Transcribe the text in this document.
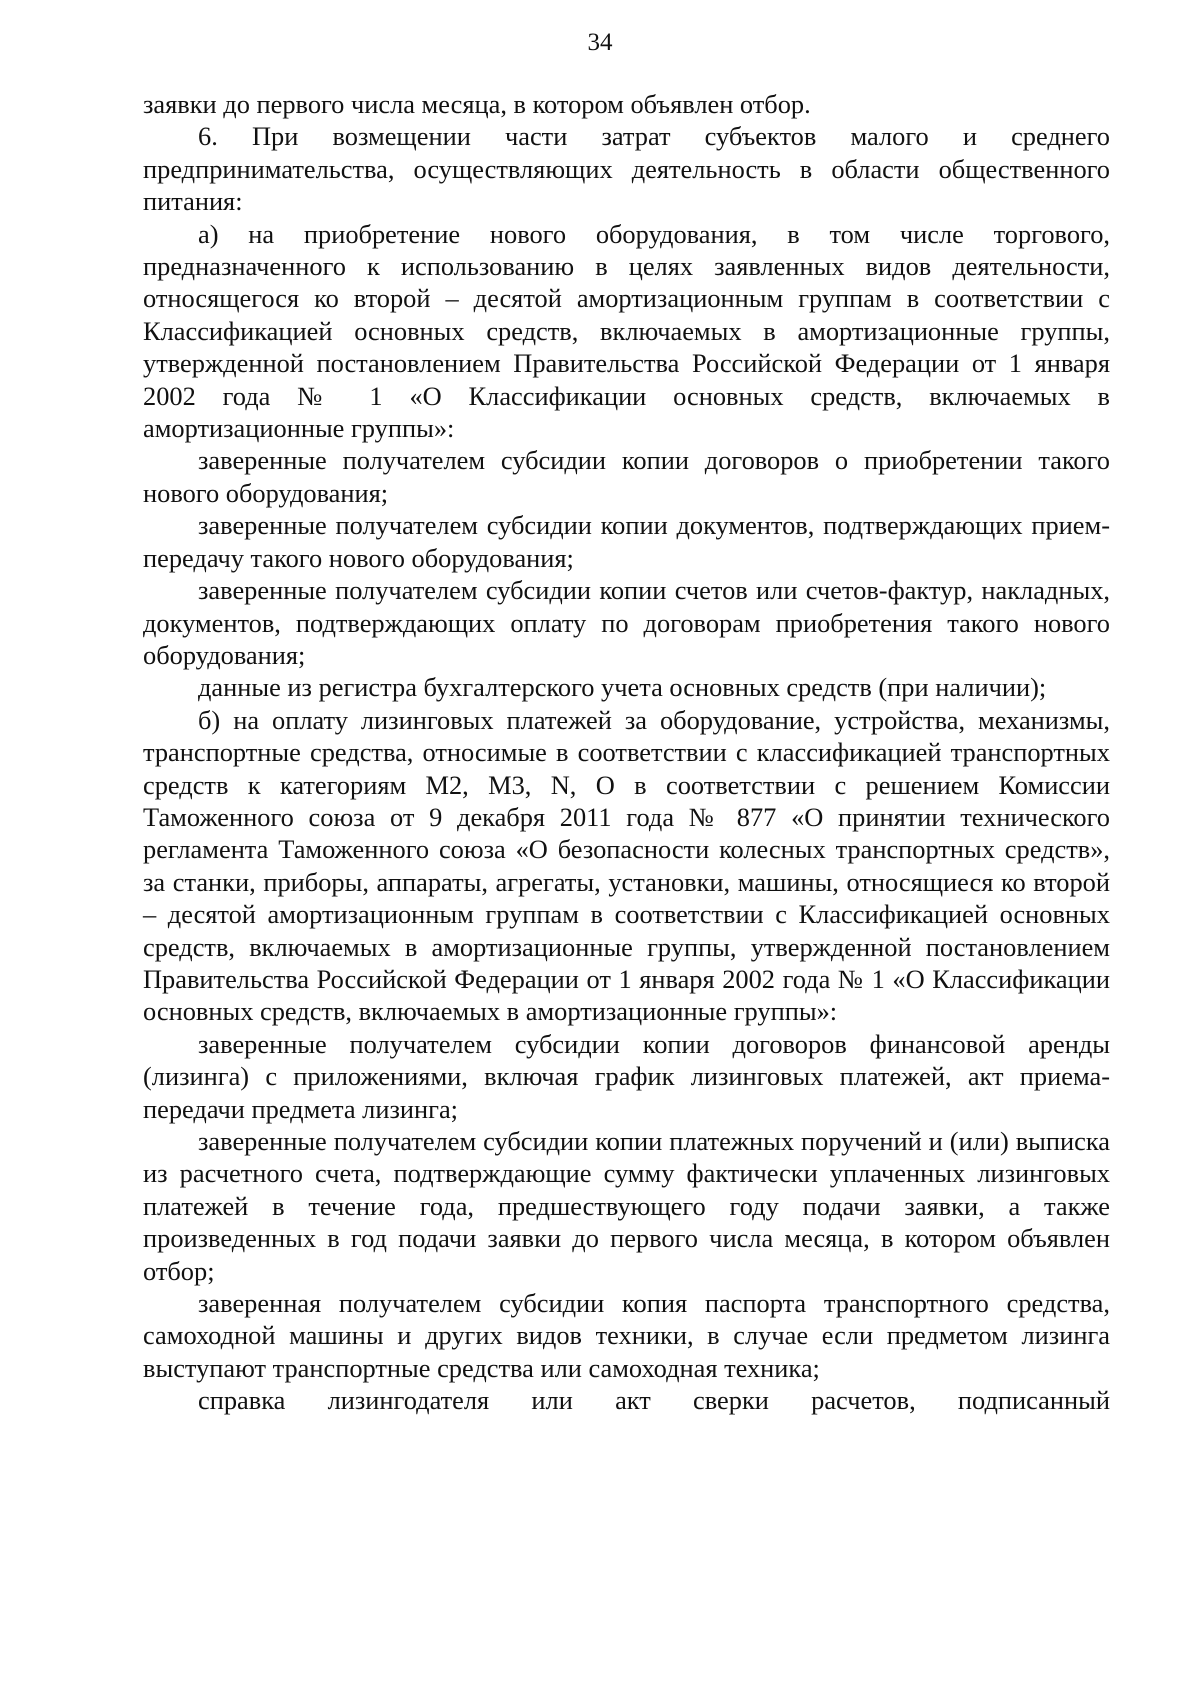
34

заявки до первого числа месяца, в котором объявлен отбор.

6. При возмещении части затрат субъектов малого и среднего предпринимательства, осуществляющих деятельность в области общественного питания:

а) на приобретение нового оборудования, в том числе торгового, предназначенного к использованию в целях заявленных видов деятельности, относящегося ко второй – десятой амортизационным группам в соответствии с Классификацией основных средств, включаемых в амортизационные группы, утвержденной постановлением Правительства Российской Федерации от 1 января 2002 года № 1 «О Классификации основных средств, включаемых в амортизационные группы»:

заверенные получателем субсидии копии договоров о приобретении такого нового оборудования;

заверенные получателем субсидии копии документов, подтверждающих прием-передачу такого нового оборудования;

заверенные получателем субсидии копии счетов или счетов-фактур, накладных, документов, подтверждающих оплату по договорам приобретения такого нового оборудования;

данные из регистра бухгалтерского учета основных средств (при наличии);

б) на оплату лизинговых платежей за оборудование, устройства, механизмы, транспортные средства, относимые в соответствии с классификацией транспортных средств к категориям M2, M3, N, O в соответствии с решением Комиссии Таможенного союза от 9 декабря 2011 года № 877 «О принятии технического регламента Таможенного союза «О безопасности колесных транспортных средств», за станки, приборы, аппараты, агрегаты, установки, машины, относящиеся ко второй – десятой амортизационным группам в соответствии с Классификацией основных средств, включаемых в амортизационные группы, утвержденной постановлением Правительства Российской Федерации от 1 января 2002 года № 1 «О Классификации основных средств, включаемых в амортизационные группы»:

заверенные получателем субсидии копии договоров финансовой аренды (лизинга) с приложениями, включая график лизинговых платежей, акт приема-передачи предмета лизинга;

заверенные получателем субсидии копии платежных поручений и (или) выписка из расчетного счета, подтверждающие сумму фактически уплаченных лизинговых платежей в течение года, предшествующего году подачи заявки, а также произведенных в год подачи заявки до первого числа месяца, в котором объявлен отбор;

заверенная получателем субсидии копия паспорта транспортного средства, самоходной машины и других видов техники, в случае если предметом лизинга выступают транспортные средства или самоходная техника;

справка лизингодателя или акт сверки расчетов, подписанный
